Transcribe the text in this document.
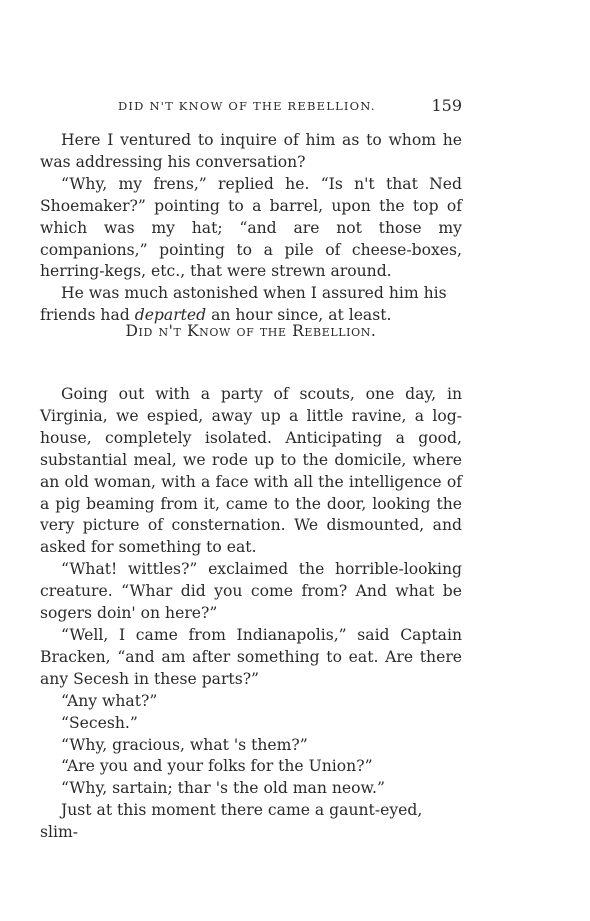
DID N'T KNOW OF THE REBELLION.	159

Here I ventured to inquire of him as to whom he was addressing his conversation?

“Why, my frens,” replied he. “Is n't that Ned Shoemaker?” pointing to a barrel, upon the top of which was my hat; “and are not those my companions,” pointing to a pile of cheese-boxes, herring-kegs, etc., that were strewn around.

He was much astonished when I assured him his friends had departed an hour since, at least.

Did n't Know of the Rebellion.

Going out with a party of scouts, one day, in Virginia, we espied, away up a little ravine, a log-house, completely isolated. Anticipating a good, substantial meal, we rode up to the domicile, where an old woman, with a face with all the intelligence of a pig beaming from it, came to the door, looking the very picture of consternation. We dismounted, and asked for something to eat.

“What! wittles?” exclaimed the horrible-looking creature. “Whar did you come from? And what be sogers doin' on here?”

“Well, I came from Indianapolis,” said Captain Bracken, “and am after something to eat. Are there any Secesh in these parts?”

“Any what?”

“Secesh.”

“Why, gracious, what 's them?”

“Are you and your folks for the Union?”

“Why, sartain; thar 's the old man neow.”

Just at this moment there came a gaunt-eyed, slim-
